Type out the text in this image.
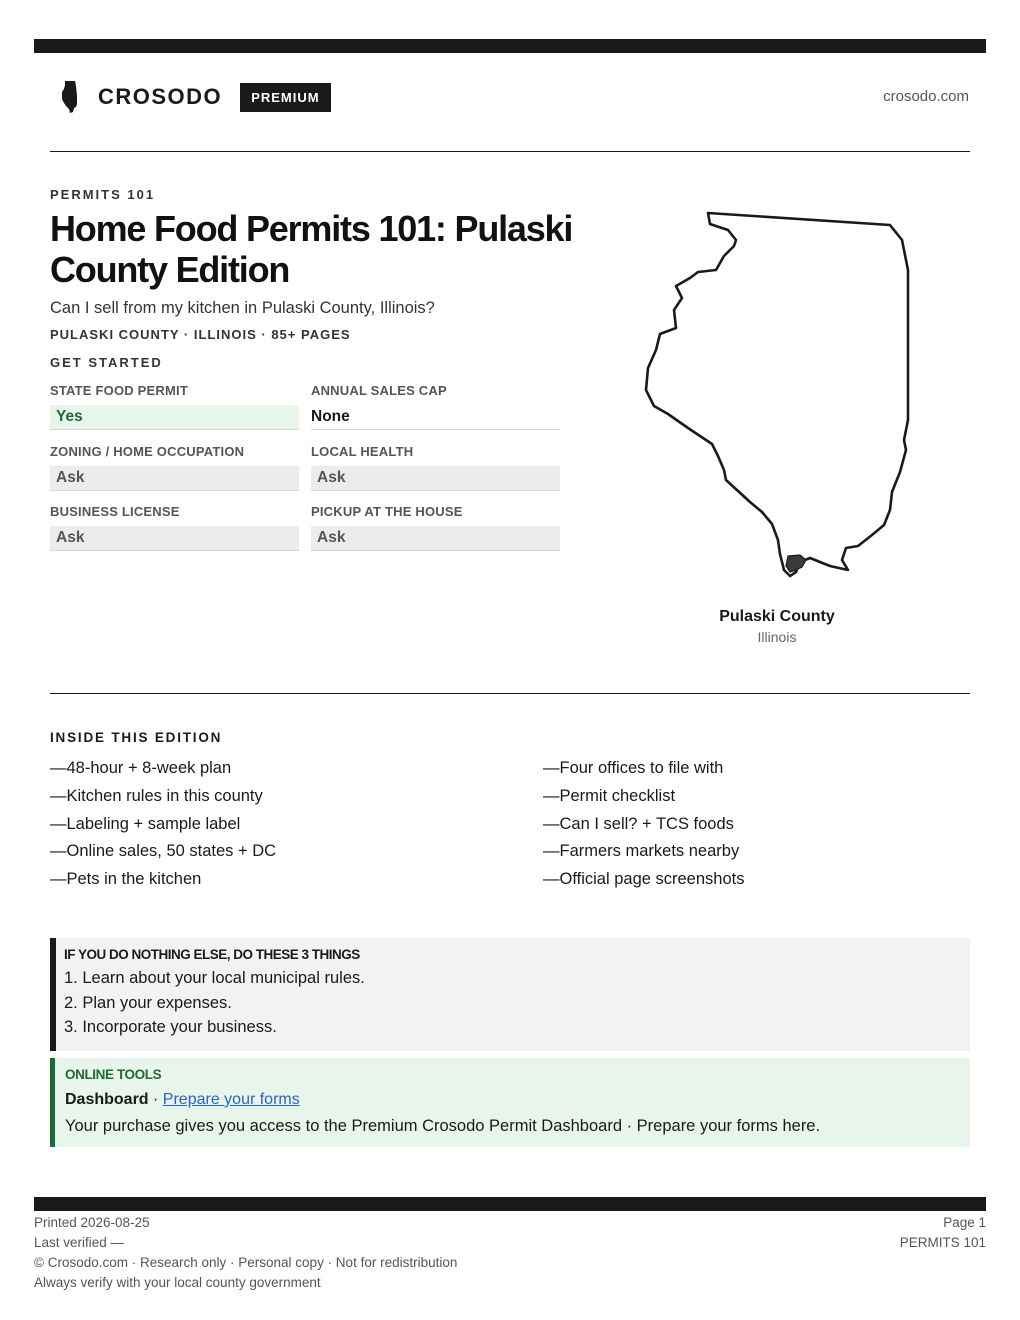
CROSODO	PREMIUM	crosodo.com
PERMITS 101
Home Food Permits 101: Pulaski County Edition
Can I sell from my kitchen in Pulaski County, Illinois?
PULASKI COUNTY · ILLINOIS · 85+ PAGES
GET STARTED
STATE FOOD PERMIT
Yes
ANNUAL SALES CAP
None
ZONING / HOME OCCUPATION
Ask
LOCAL HEALTH
Ask
BUSINESS LICENSE
Ask
PICKUP AT THE HOUSE
Ask
Pulaski County
Illinois
INSIDE THIS EDITION
—48-hour + 8-week plan
—Kitchen rules in this county
—Labeling + sample label
—Online sales, 50 states + DC
—Pets in the kitchen
—Four offices to file with
—Permit checklist
—Can I sell? + TCS foods
—Farmers markets nearby
—Official page screenshots
IF YOU DO NOTHING ELSE, DO THESE 3 THINGS
1. Learn about your local municipal rules.
2. Plan your expenses.
3. Incorporate your business.
ONLINE TOOLS
Dashboard · Prepare your forms
Your purchase gives you access to the Premium Crosodo Permit Dashboard · Prepare your forms here.
Printed 2026-08-25
Last verified —
© Crosodo.com · Research only · Personal copy · Not for redistribution
Always verify with your local county government
Page 1
PERMITS 101
